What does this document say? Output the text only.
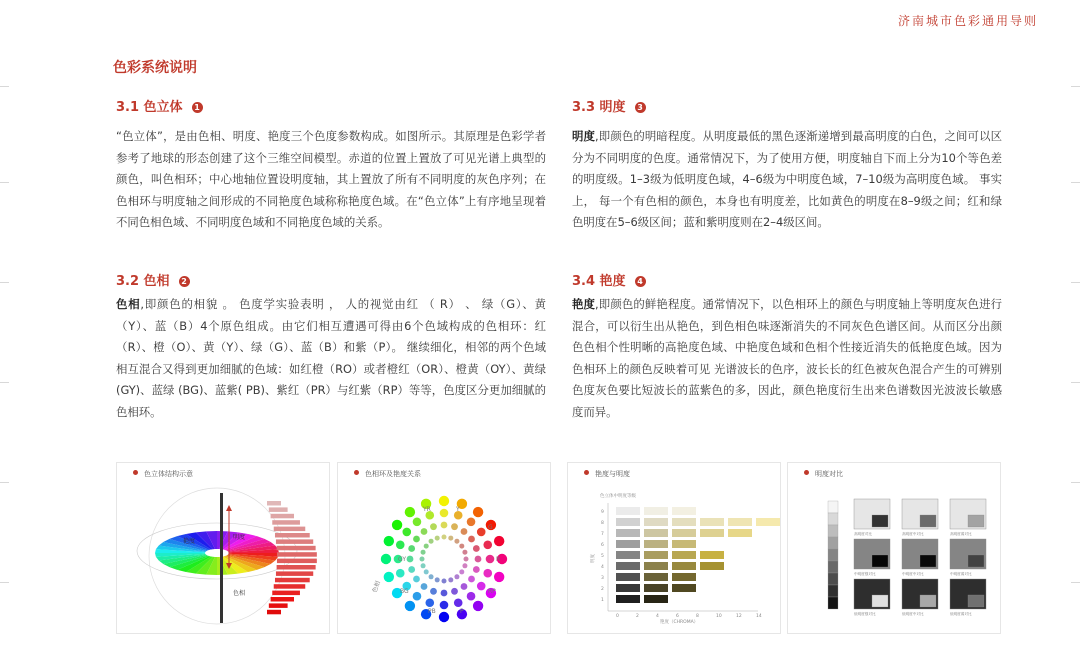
济南城市色彩通用导则
色彩系统说明
3.1 色立体 1
“色立体”，是由色相、明度、艳度三个色度参数构成。如图所示。其原理是色彩学者参考了地球的形态创建了这个三维空间模型。赤道的位置上置放了可见光谱上典型的颜色，叫色相环；中心地轴位置设明度轴，其上置放了所有不同明度的灰色序列；在色相环与明度轴之间形成的不同艳度色域称称艳度色域。在“色立体”上有序地呈现着不同色相色域、不同明度色域和不同艳度色域的关系。
3.2 色相 2
色相,即颜色的相貌 。 色度学实验表明 ， 人的视觉由红 （ R） 、 绿（G）、黄（Y）、蓝（B）4个原色组成。由它们相互遭遇可得由6个色域构成的色相环：红（R）、橙（O）、黄（Y）、绿（G）、蓝（B）和紫（P）。 继续细化，相邻的两个色域相互混合又得到更加细腻的色域：如红橙（RO）或者橙红（OR）、橙黄（OY）、黄绿(GY)、蓝绿 (BG)、蓝紫( PB)、紫红（PR）与红紫（RP）等等，色度区分更加细腻的色相环。
3.3 明度 3
明度,即颜色的明暗程度。从明度最低的黑色逐渐递增到最高明度的白色，之间可以区分为不同明度的色度。通常情况下，为了使用方便，明度轴自下而上分为10个等色差的明度级。1–3级为低明度色域，4–6级为中明度色域，7–10级为高明度色域。 事实上， 每一个有色相的颜色，本身也有明度差，比如黄色的明度在8–9级之间；红和绿色明度在5–6级区间；蓝和紫明度则在2–4级区间。
3.4 艳度 4
艳度,即颜色的鲜艳程度。通常情况下，以色相环上的颜色与明度轴上等明度灰色进行混合，可以衍生出从艳色，到色相色味逐渐消失的不同灰色色谱区间。从而区分出颜色色相个性明晰的高艳度色域、中艳度色域和色相个性接近消失的低艳度色域。因为色相环上的颜色反映着可见 光谱波长的色序，波长长的红色被灰色混合产生的可辨别色度灰色要比短波长的蓝紫色的多，因此，颜色艳度衍生出来色谱数因光波波长敏感度而异。
色立体结构示意
明度
艳度
色相
色相环及艳度关系
YR	Y
GY	R
RP
P
PB
BG
G
色相
艳度与明度
色立体中明度等级
明度
艳度（CHROMA）
0	2	4	6	8	10	12	14
9
8
7
6
5
4
3
2
1
明度对比
高明度对比	高明度中对比	高明度弱对比
中明度强对比	中明度中对比	中明度弱对比
低明度强对比	低明度中对比	低明度弱对比
